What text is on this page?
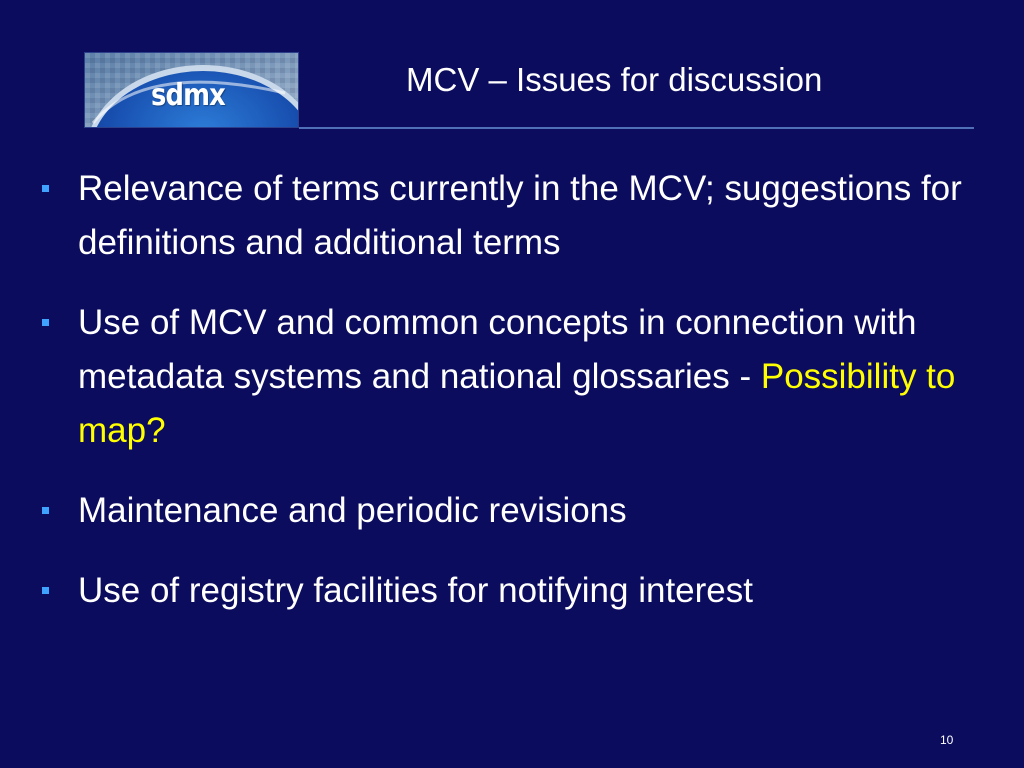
sdmx	MCV – Issues for discussion
Relevance of terms currently in the MCV; suggestions for definitions and additional terms
Use of MCV and common concepts in connection with metadata systems and national glossaries - Possibility to map?
Maintenance and periodic revisions
Use of registry facilities for notifying interest
10
